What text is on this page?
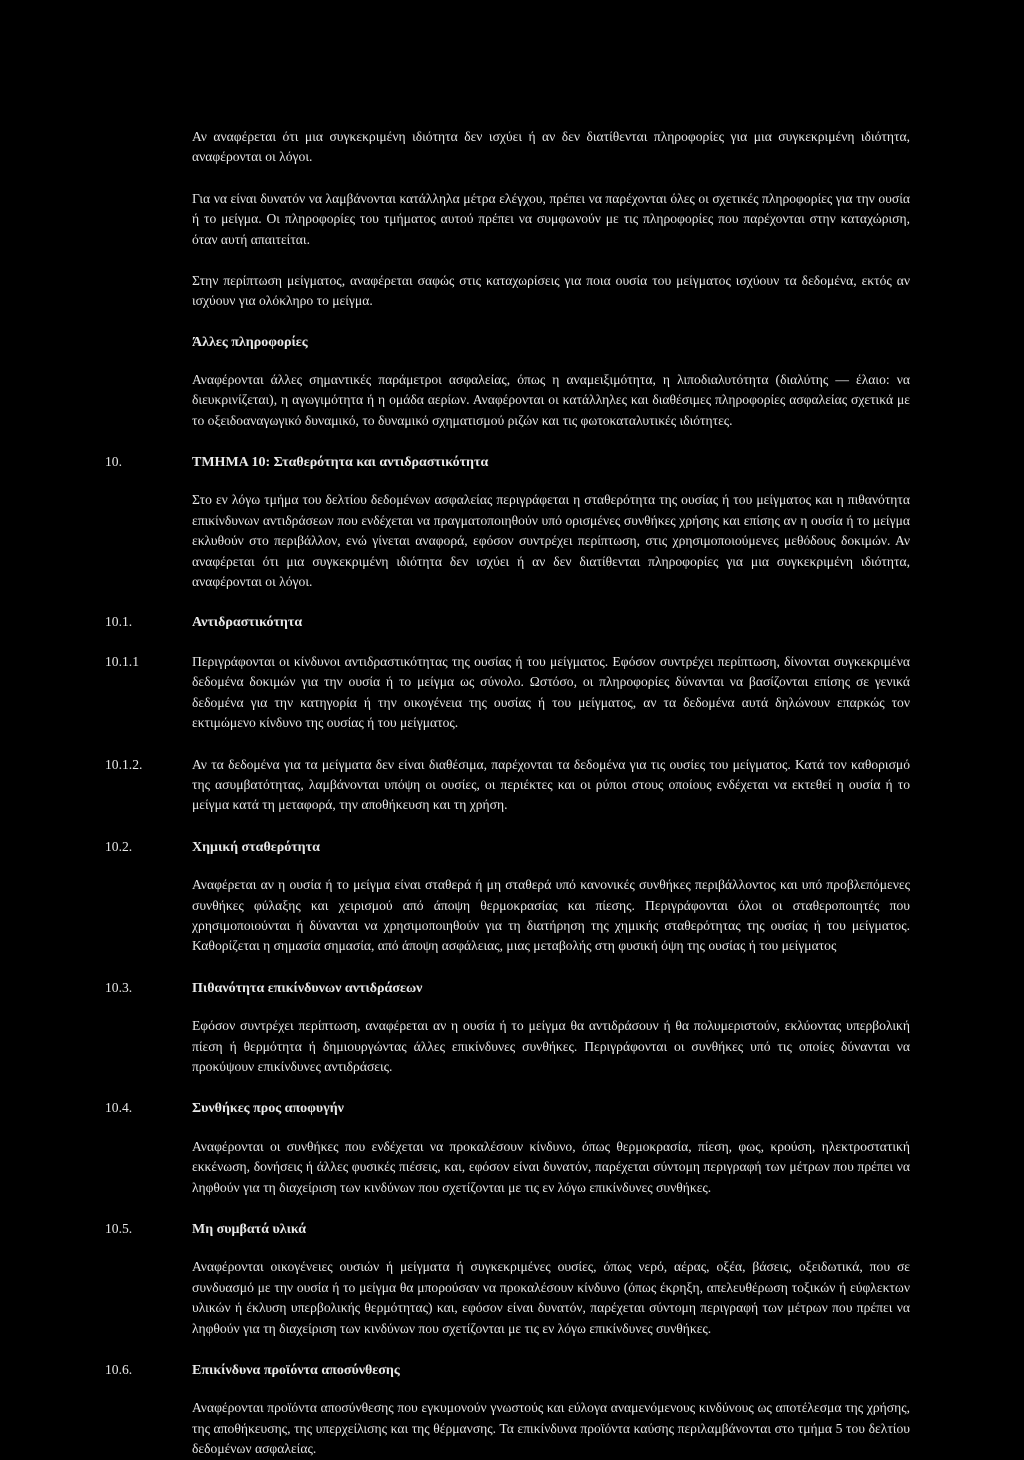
Αν αναφέρεται ότι μια συγκεκριμένη ιδιότητα δεν ισχύει ή αν δεν διατίθενται πληροφορίες για μια συγκεκριμένη ιδιότητα, αναφέρονται οι λόγοι.

Για να είναι δυνατόν να λαμβάνονται κατάλληλα μέτρα ελέγχου, πρέπει να παρέχονται όλες οι σχετικές πληροφορίες για την ουσία ή το μείγμα. Οι πληροφορίες του τμήματος αυτού πρέπει να συμφωνούν με τις πληροφορίες που παρέχονται στην καταχώριση, όταν αυτή απαιτείται.

Στην περίπτωση μείγματος, αναφέρεται σαφώς στις καταχωρίσεις για ποια ουσία του μείγματος ισχύουν τα δεδομένα, εκτός αν ισχύουν για ολόκληρο το μείγμα.

Άλλες πληροφορίες

Αναφέρονται άλλες σημαντικές παράμετροι ασφαλείας, όπως η αναμειξιμότητα, η λιποδιαλυτότητα (διαλύτης — έλαιο: να διευκρινίζεται), η αγωγιμότητα ή η ομάδα αερίων. Αναφέρονται οι κατάλληλες και διαθέσιμες πληροφορίες ασφαλείας σχετικά με το οξειδοαναγωγικό δυναμικό, το δυναμικό σχηματισμού ριζών και τις φωτοκαταλυτικές ιδιότητες.

10.	ΤΜΗΜΑ 10: Σταθερότητα και αντιδραστικότητα

Στο εν λόγω τμήμα του δελτίου δεδομένων ασφαλείας περιγράφεται η σταθερότητα της ουσίας ή του μείγματος και η πιθανότητα επικίνδυνων αντιδράσεων που ενδέχεται να πραγματοποιηθούν υπό ορισμένες συνθήκες χρήσης και επίσης αν η ουσία ή το μείγμα εκλυθούν στο περιβάλλον, ενώ γίνεται αναφορά, εφόσον συντρέχει περίπτωση, στις χρησιμοποιούμενες μεθόδους δοκιμών. Αν αναφέρεται ότι μια συγκεκριμένη ιδιότητα δεν ισχύει ή αν δεν διατίθενται πληροφορίες για μια συγκεκριμένη ιδιότητα, αναφέρονται οι λόγοι.

10.1.	Αντιδραστικότητα
10.1.1	Περιγράφονται οι κίνδυνοι αντιδραστικότητας της ουσίας ή του μείγματος. Εφόσον συντρέχει περίπτωση, δίνονται συγκεκριμένα δεδομένα δοκιμών για την ουσία ή το μείγμα ως σύνολο. Ωστόσο, οι πληροφορίες δύνανται να βασίζονται επίσης σε γενικά δεδομένα για την κατηγορία ή την οικογένεια της ουσίας ή του μείγματος, αν τα δεδομένα αυτά δηλώνουν επαρκώς τον εκτιμώμενο κίνδυνο της ουσίας ή του μείγματος.
10.1.2.	Αν τα δεδομένα για τα μείγματα δεν είναι διαθέσιμα, παρέχονται τα δεδομένα για τις ουσίες του μείγματος. Κατά τον καθορισμό της ασυμβατότητας, λαμβάνονται υπόψη οι ουσίες, οι περιέκτες και οι ρύποι στους οποίους ενδέχεται να εκτεθεί η ουσία ή το μείγμα κατά τη μεταφορά, την αποθήκευση και τη χρήση.
10.2.	Χημική σταθερότητα

Αναφέρεται αν η ουσία ή το μείγμα είναι σταθερά ή μη σταθερά υπό κανονικές συνθήκες περιβάλλοντος και υπό προβλεπόμενες συνθήκες φύλαξης και χειρισμού από άποψη θερμοκρασίας και πίεσης. Περιγράφονται όλοι οι σταθεροποιητές που χρησιμοποιούνται ή δύνανται να χρησιμοποιηθούν για τη διατήρηση της χημικής σταθερότητας της ουσίας ή του μείγματος. Καθορίζεται η σημασία σημασία, από άποψη ασφάλειας, μιας μεταβολής στη φυσική όψη της ουσίας ή του μείγματος

10.3.	Πιθανότητα επικίνδυνων αντιδράσεων

Εφόσον συντρέχει περίπτωση, αναφέρεται αν η ουσία ή το μείγμα θα αντιδράσουν ή θα πολυμεριστούν, εκλύοντας υπερβολική πίεση ή θερμότητα ή δημιουργώντας άλλες επικίνδυνες συνθήκες. Περιγράφονται οι συνθήκες υπό τις οποίες δύνανται να προκύψουν επικίνδυνες αντιδράσεις.

10.4.	Συνθήκες προς αποφυγήν

Αναφέρονται οι συνθήκες που ενδέχεται να προκαλέσουν κίνδυνο, όπως θερμοκρασία, πίεση, φως, κρούση, ηλεκτροστατική εκκένωση, δονήσεις ή άλλες φυσικές πιέσεις, και, εφόσον είναι δυνατόν, παρέχεται σύντομη περιγραφή των μέτρων που πρέπει να ληφθούν για τη διαχείριση των κινδύνων που σχετίζονται με τις εν λόγω επικίνδυνες συνθήκες.

10.5.	Μη συμβατά υλικά

Αναφέρονται οικογένειες ουσιών ή μείγματα ή συγκεκριμένες ουσίες, όπως νερό, αέρας, οξέα, βάσεις, οξειδωτικά, που σε συνδυασμό με την ουσία ή το μείγμα θα μπορούσαν να προκαλέσουν κίνδυνο (όπως έκρηξη, απελευθέρωση τοξικών ή εύφλεκτων υλικών ή έκλυση υπερβολικής θερμότητας) και, εφόσον είναι δυνατόν, παρέχεται σύντομη περιγραφή των μέτρων που πρέπει να ληφθούν για τη διαχείριση των κινδύνων που σχετίζονται με τις εν λόγω επικίνδυνες συνθήκες.

10.6.	Επικίνδυνα προϊόντα αποσύνθεσης

Αναφέρονται προϊόντα αποσύνθεσης που εγκυμονούν γνωστούς και εύλογα αναμενόμενους κινδύνους ως αποτέλεσμα της χρήσης, της αποθήκευσης, της υπερχείλισης και της θέρμανσης. Τα επικίνδυνα προϊόντα καύσης περιλαμβάνονται στο τμήμα 5 του δελτίου δεδομένων ασφαλείας.
